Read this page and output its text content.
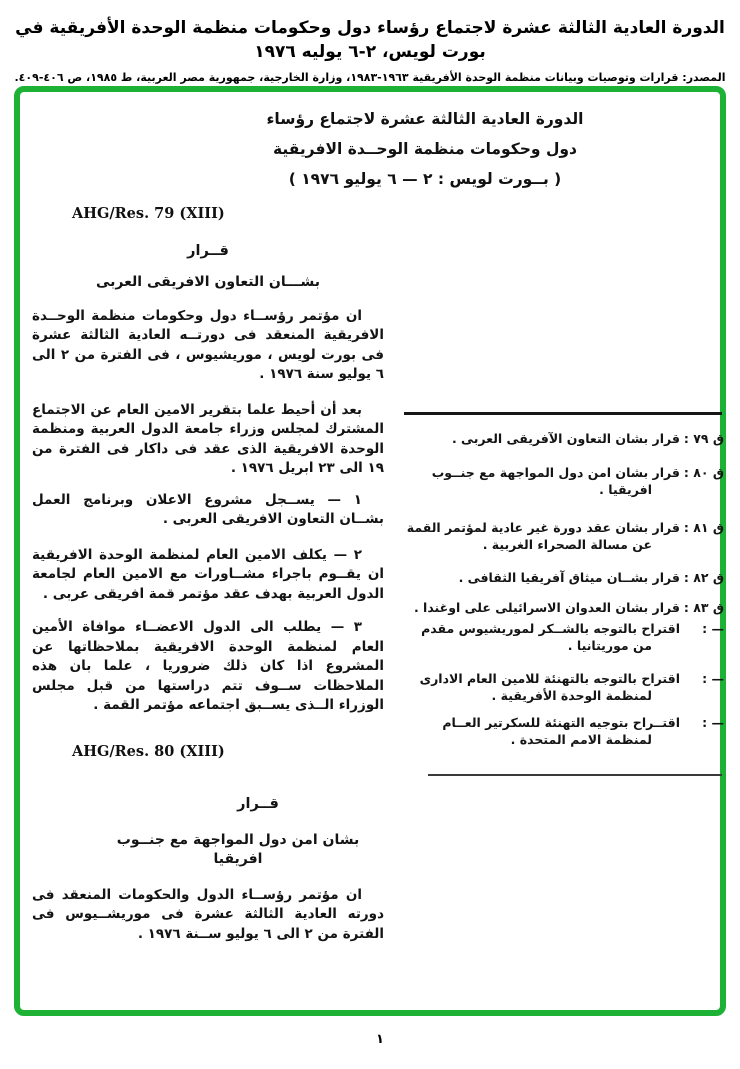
الدورة العادية الثالثة عشرة لاجتماع رؤساء دول وحكومات منظمة الوحدة الأفريقية في بورت لويس، ٢-٦ يوليه ١٩٧٦
المصدر: قرارات وتوصيات وبيانات منظمة الوحدة الأفريقية ١٩٦٣-١٩٨٣، وزارة الخارجية، جمهورية مصر العربية، ط ١٩٨٥، ص ٤٠٦-٤٠٩.
الدورة العادية الثالثة عشرة لاجتماع رؤساء
دول وحكومات منظمة الوحــدة الافريقية
( بــورت لويس : ٢ — ٦ يوليو ١٩٧٦ )
AHG/Res. 79 (XIII)
قــرار
بشـــان التعاون الافريقى العربى

ان مؤتمر رؤســاء دول وحكومات منظمة الوحــدة الافريقية المنعقد فى دورتــه العادية الثالثة عشرة فى بورت لويس ، موريشيوس ، فى الفترة من ٢ الى ٦ يوليو سنة ١٩٧٦ .

بعد أن أحيط علما بتقرير الامين العام عن الاجتماع المشترك لمجلس وزراء جامعة الدول العربية ومنظمة الوحدة الافريقية الذى عقد فى داكار فى الفترة من ١٩ الى ٢٣ ابريل ١٩٧٦ .

١ — يســجل مشروع الاعلان وبرنامج العمل بشــان التعاون الافريقى العربى .

٢ — يكلف الامين العام لمنظمة الوحدة الافريقية ان يقــوم باجراء مشــاورات مع الامين العام لجامعة الدول العربية بهدف عقد مؤتمر قمة افريقى عربى .

٣ — يطلب الى الدول الاعضــاء موافاة الأمين العام لمنظمة الوحدة الافريقية بملاحظاتها عن المشروع اذا كان ذلك ضروريا ، علما بان هذه الملاحظات ســوف تتم دراستها من قبل مجلس الوزراء الــذى يســبق اجتماعه مؤتمر القمة .

AHG/Res. 80 (XIII)
قــرار
بشان امن دول المواجهة مع جنــوب افريقيا

ان مؤتمر رؤســاء الدول والحكومات المنعقد فى دورته العادية الثالثة عشرة فى موريشــيوس فى الفترة من ٢ الى ٦ يوليو ســنة ١٩٧٦ .

ق ٧٩ :
قرار بشان التعاون الآفريقى العربى .
ق ٨٠ :
قرار بشان امن دول المواجهة مع جنــوب افريقيا .
ق ٨١ :
قرار بشان عقد دورة غير عادية لمؤتمر القمة عن مسالة الصحراء الغربية .
ق ٨٢ :
قرار بشــان ميثاق آفريقيا الثقافى .
ق ٨٣ :
قرار بشان العدوان الاسرائيلى على اوغندا .
— :
اقتراح بالتوجه بالشــكر لموريشيوس مقدم من موريتانيا .
— :
اقتراح بالتوجه بالتهنئة للامين العام الادارى لمنظمة الوحدة الأفريقية .
— :
اقتــراح بتوجيه التهنئة للسكرتير العــام لمنظمة الامم المتحدة .
١
